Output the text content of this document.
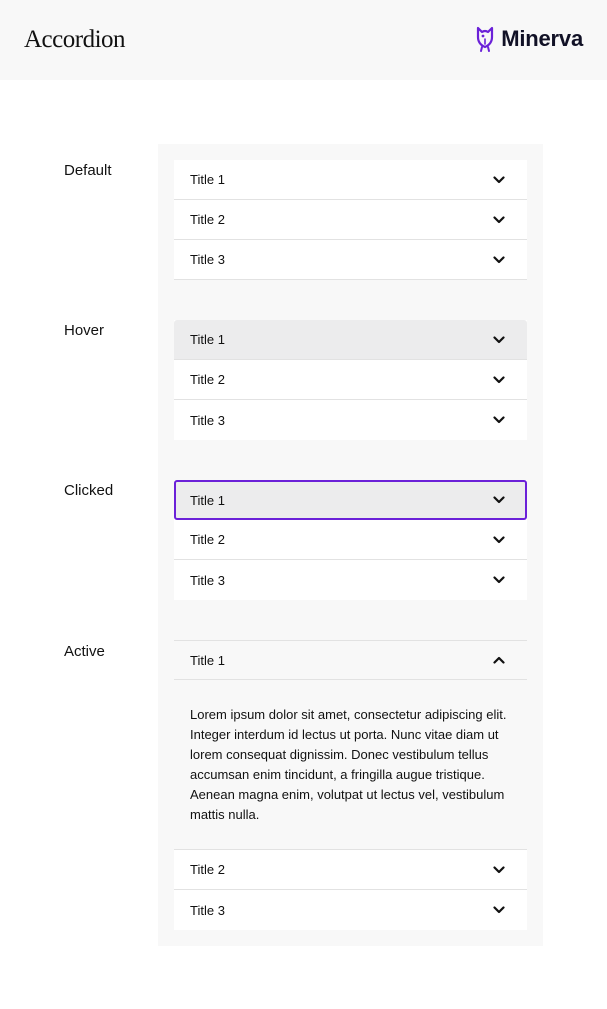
Accordion	Minerva
Default
Title 1
Title 2
Title 3
Hover
Title 1
Title 2
Title 3
Clicked
Title 1
Title 2
Title 3
Active	Title 1

Lorem ipsum dolor sit amet, consectetur adipiscing elit. Integer interdum id lectus ut porta. Nunc vitae diam ut lorem consequat dignissim. Donec vestibulum tellus accumsan enim tincidunt, a fringilla augue tristique. Aenean magna enim, volutpat ut lectus vel, vestibulum mattis nulla.

Title 2
Title 3
